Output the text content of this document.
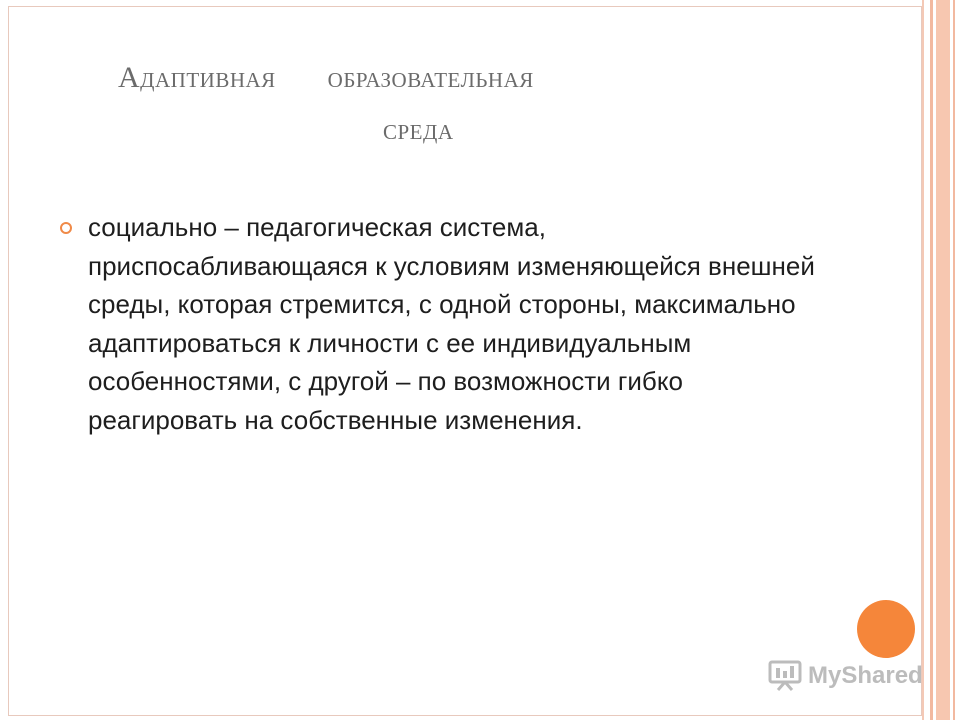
Адаптивная образовательная
среда
социально – педагогическая система, приспосабливающаяся к условиям изменяющейся внешней среды, которая стремится, с одной стороны, максимально адаптироваться к личности с ее индивидуальным особенностями, с другой – по возможности гибко реагировать на собственные изменения.
MyShared
